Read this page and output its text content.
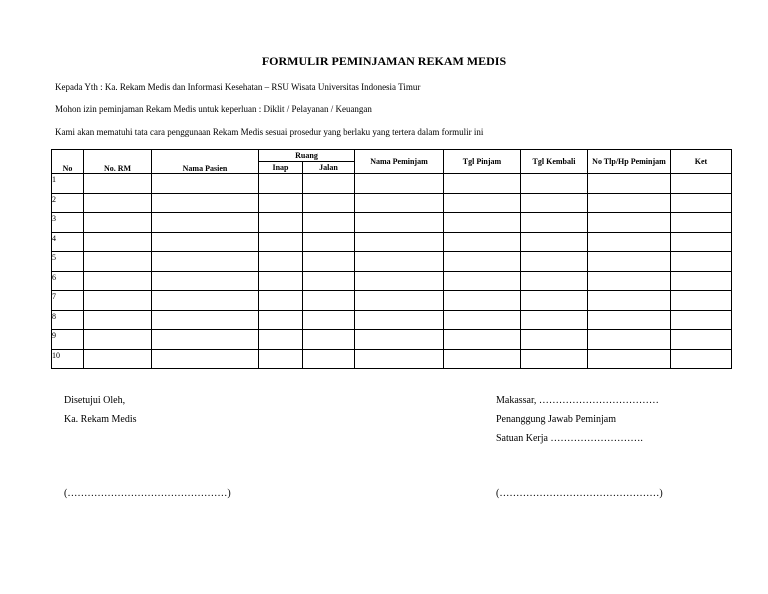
FORMULIR PEMINJAMAN REKAM MEDIS
Kepada Yth : Ka. Rekam Medis dan Informasi Kesehatan – RSU Wisata Universitas Indonesia Timur
Mohon izin peminjaman Rekam Medis untuk keperluan : Diklit / Pelayanan / Keuangan
Kami akan mematuhi tata cara penggunaan Rekam Medis sesuai prosedur yang berlaku yang tertera dalam formulir ini
No	No. RM	Nama Pasien	Ruang		Nama Peminjam	Tgl Pinjam	Tgl Kembali	No Tlp/Hp Peminjam	Ket
			Inap	Jalan					
1									
2									
3									
4									
5									
6									
7									
8									
9									
10									
Disetujui Oleh,
Ka. Rekam Medis
(…………………………………………)
Makassar, ………………………………
Penanggung Jawab Peminjam
Satuan Kerja ……………………….
(…………………………………………)
